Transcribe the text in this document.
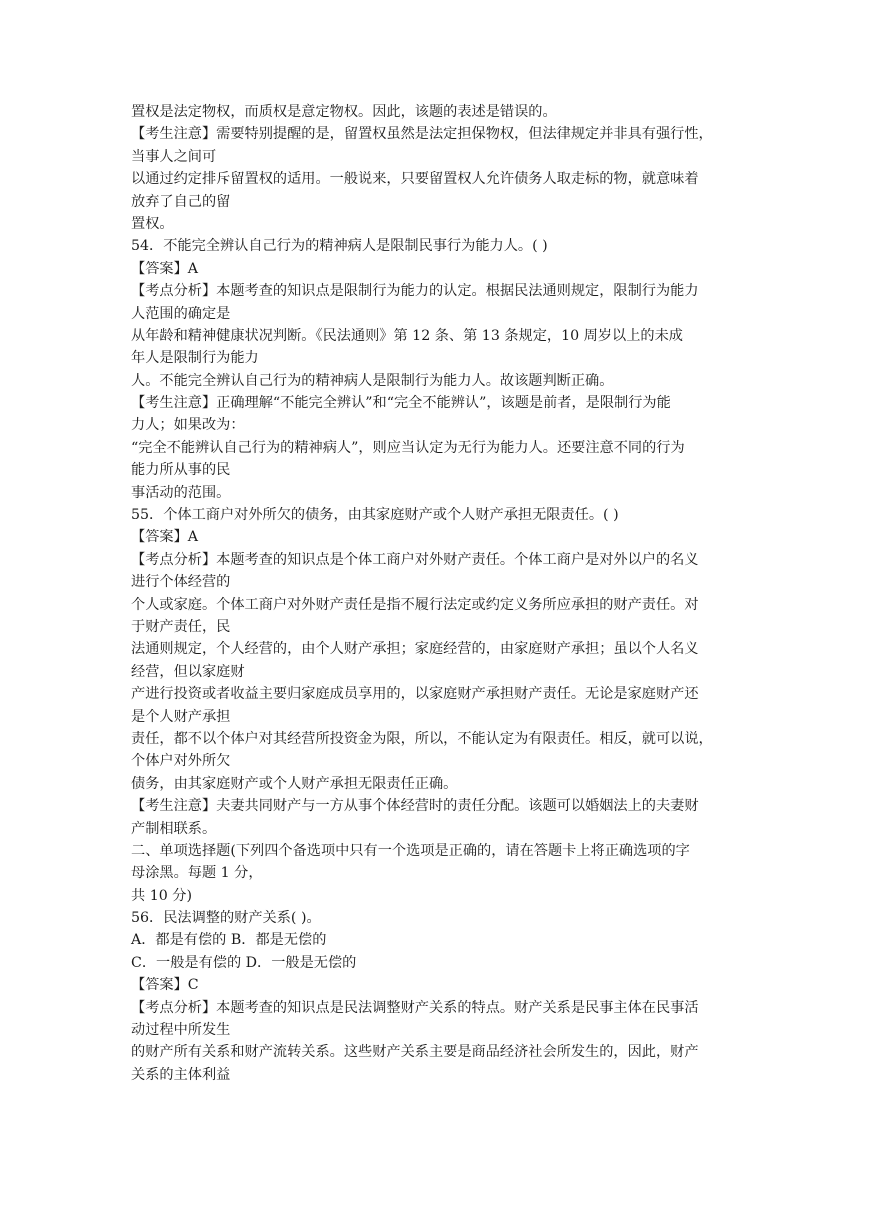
置权是法定物权，而质权是意定物权。因此，该题的表述是错误的。
【考生注意】需要特别提醒的是，留置权虽然是法定担保物权，但法律规定并非具有强行性，
当事人之间可
以通过约定排斥留置权的适用。一般说来，只要留置权人允许债务人取走标的物，就意味着
放弃了自己的留
置权。
54．不能完全辨认自己行为的精神病人是限制民事行为能力人。( )
【答案】A
【考点分析】本题考查的知识点是限制行为能力的认定。根据民法通则规定，限制行为能力
人范围的确定是
从年龄和精神健康状况判断。《民法通则》第 12 条、第 13 条规定，10 周岁以上的未成
年人是限制行为能力
人。不能完全辨认自己行为的精神病人是限制行为能力人。故该题判断正确。
【考生注意】正确理解“不能完全辨认”和“完全不能辨认”，该题是前者，是限制行为能
力人；如果改为：
“完全不能辨认自己行为的精神病人”，则应当认定为无行为能力人。还要注意不同的行为
能力所从事的民
事活动的范围。
55．个体工商户对外所欠的债务，由其家庭财产或个人财产承担无限责任。( )
【答案】A
【考点分析】本题考查的知识点是个体工商户对外财产责任。个体工商户是对外以户的名义
进行个体经营的
个人或家庭。个体工商户对外财产责任是指不履行法定或约定义务所应承担的财产责任。对
于财产责任，民
法通则规定，个人经营的，由个人财产承担；家庭经营的，由家庭财产承担；虽以个人名义
经营，但以家庭财
产进行投资或者收益主要归家庭成员享用的，以家庭财产承担财产责任。无论是家庭财产还
是个人财产承担
责任，都不以个体户对其经营所投资金为限，所以，不能认定为有限责任。相反，就可以说，
个体户对外所欠
债务，由其家庭财产或个人财产承担无限责任正确。
【考生注意】夫妻共同财产与一方从事个体经营时的责任分配。该题可以婚姻法上的夫妻财
产制相联系。
二、单项选择题(下列四个备选项中只有一个选项是正确的，请在答题卡上将正确选项的字
母涂黑。每题 1 分，
共 10 分)
56．民法调整的财产关系( )。
A．都是有偿的 B．都是无偿的
C．一般是有偿的 D．一般是无偿的
【答案】C
【考点分析】本题考查的知识点是民法调整财产关系的特点。财产关系是民事主体在民事活
动过程中所发生
的财产所有关系和财产流转关系。这些财产关系主要是商品经济社会所发生的，因此，财产
关系的主体利益
